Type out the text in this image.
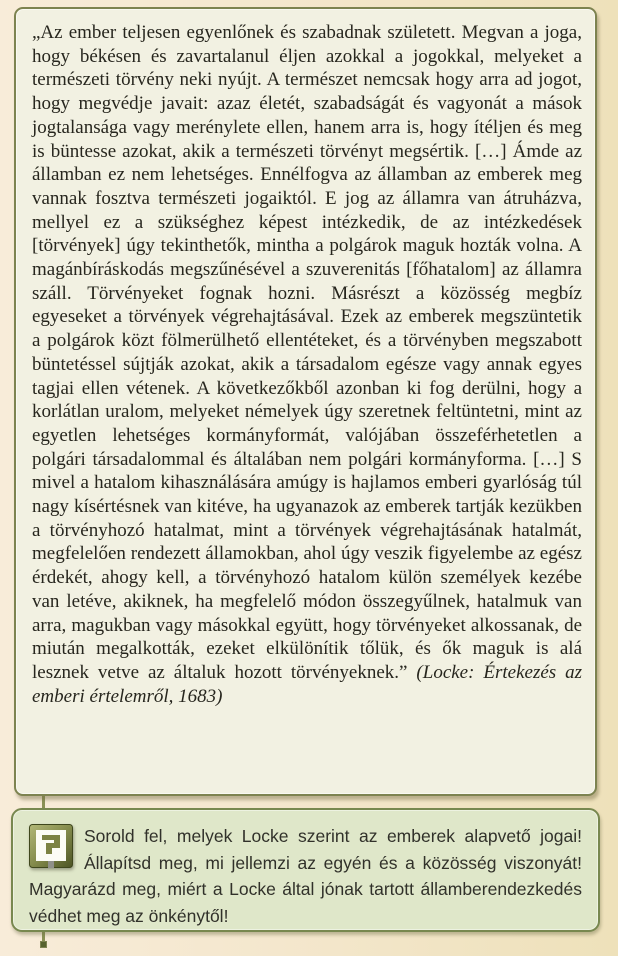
„Az ember teljesen egyenlőnek és szabadnak született. Megvan a joga, hogy békésen és zavartalanul éljen azokkal a jogokkal, melyeket a természeti törvény neki nyújt. A természet nemcsak hogy arra ad jogot, hogy megvédje javait: azaz életét, szabadságát és vagyonát a mások jogtalansága vagy merénylete ellen, hanem arra is, hogy ítéljen és meg is büntesse azokat, akik a természeti törvényt megsértik. […] Ámde az államban ez nem lehetséges. Ennélfogva az államban az emberek meg vannak fosztva természeti jogaiktól. E jog az államra van átruházva, mellyel ez a szükséghez képest intézkedik, de az intézkedések [törvények] úgy tekinthetők, mintha a polgárok maguk hozták volna. A magánbíráskodás megszűnésével a szuverenitás [főhatalom] az államra száll. Törvényeket fognak hozni. Másrészt a közösség megbíz egyeseket a törvények végrehajtásával. Ezek az emberek megszüntetik a polgárok közt fölmerülhető ellentéteket, és a törvényben megszabott büntetéssel sújtják azokat, akik a társadalom egésze vagy annak egyes tagjai ellen vétenek. A következőkből azonban ki fog derülni, hogy a korlátlan uralom, melyeket némelyek úgy szeretnek feltüntetni, mint az egyetlen lehetséges kormányformát, valójában összeférhetetlen a polgári társadalommal és általában nem polgári kormányforma. […] S mivel a hatalom kihasználására amúgy is hajlamos emberi gyarlóság túl nagy kísértésnek van kitéve, ha ugyanazok az emberek tartják kezükben a törvényhozó hatalmat, mint a törvények végrehajtásának hatalmát, megfelelően rendezett államokban, ahol úgy veszik figyelembe az egész érdekét, ahogy kell, a törvényhozó hatalom külön személyek kezébe van letéve, akiknek, ha megfelelő módon összegyűlnek, hatalmuk van arra, magukban vagy másokkal együtt, hogy törvényeket alkossanak, de miután megalkották, ezeket elkülönítik tőlük, és ők maguk is alá lesznek vetve az általuk hozott törvényeknek.” (Locke: Értekezés az emberi értelemről, 1683)

Sorold fel, melyek Locke szerint az emberek alapvető jogai! Állapítsd meg, mi jellemzi az egyén és a közösség viszonyát! Magyarázd meg, miért a Locke által jónak tartott államberendezkedés védhet meg az önkénytől!
